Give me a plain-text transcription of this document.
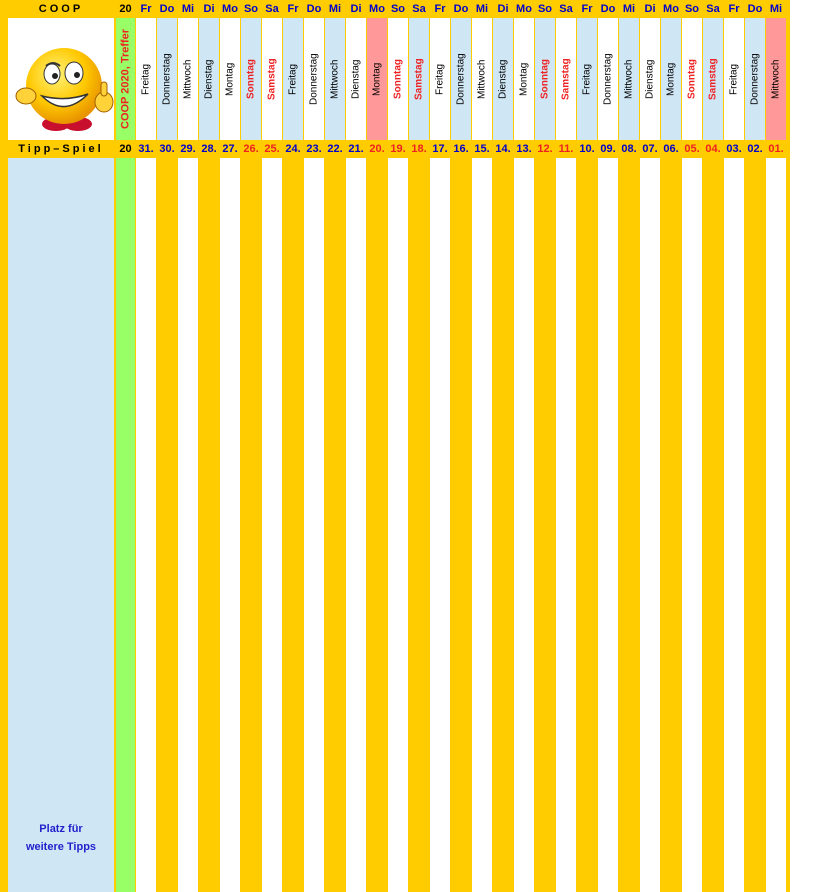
COOP	20
COOP 2020, Treffer
Tipp–Spiel	20
Platz für
weitere Tipps
Fr
Freitag
31.
Do
Donnerstag
30.
Mi
Mittwoch
29.
Di
Dienstag
28.
Mo
Montag
27.
So
Sonntag
26.
Sa
Samstag
25.
Fr
Freitag
24.
Do
Donnerstag
23.
Mi
Mittwoch
22.
Di
Dienstag
21.
Mo
Montag
20.
So
Sonntag
19.
Sa
Samstag
18.
Fr
Freitag
17.
Do
Donnerstag
16.
Mi
Mittwoch
15.
Di
Dienstag
14.
Mo
Montag
13.
So
Sonntag
12.
Sa
Samstag
11.
Fr
Freitag
10.
Do
Donnerstag
09.
Mi
Mittwoch
08.
Di
Dienstag
07.
Mo
Montag
06.
So
Sonntag
05.
Sa
Samstag
04.
Fr
Freitag
03.
Do
Donnerstag
02.
Mi
Mittwoch
01.
